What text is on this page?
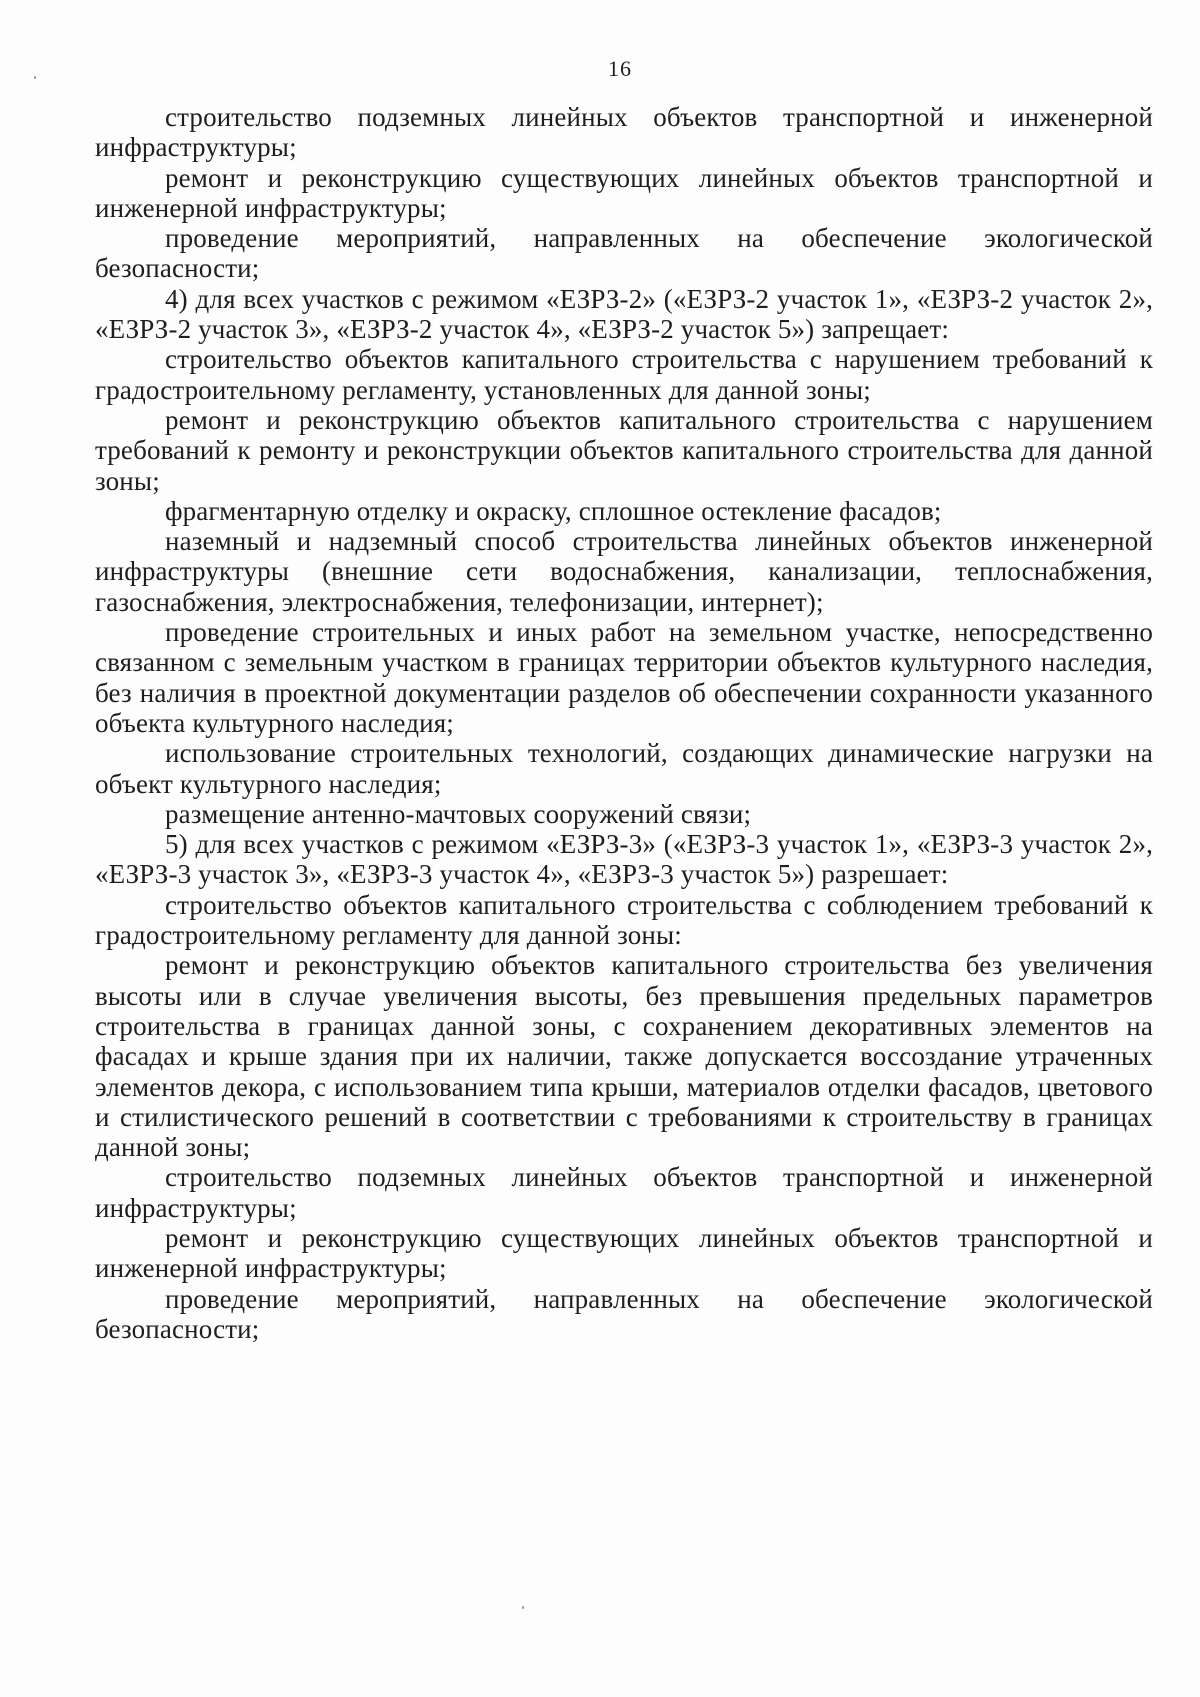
16

строительство подземных линейных объектов транспортной и инженерной инфраструктуры;

ремонт и реконструкцию существующих линейных объектов транспортной и инженерной инфраструктуры;

проведение мероприятий, направленных на обеспечение экологической безопасности;

4) для всех участков с режимом «ЕЗРЗ-2» («ЕЗРЗ-2 участок 1», «ЕЗРЗ-2 участок 2», «ЕЗРЗ-2 участок 3», «ЕЗРЗ-2 участок 4», «ЕЗРЗ-2 участок 5») запрещает:

строительство объектов капитального строительства с нарушением требований к градостроительному регламенту, установленных для данной зоны;

ремонт и реконструкцию объектов капитального строительства с нарушением требований к ремонту и реконструкции объектов капитального строительства для данной зоны;

фрагментарную отделку и окраску, сплошное остекление фасадов;

наземный и надземный способ строительства линейных объектов инженерной инфраструктуры (внешние сети водоснабжения, канализации, теплоснабжения, газоснабжения, электроснабжения, телефонизации, интернет);

проведение строительных и иных работ на земельном участке, непосредственно связанном с земельным участком в границах территории объектов культурного наследия, без наличия в проектной документации разделов об обеспечении сохранности указанного объекта культурного наследия;

использование строительных технологий, создающих динамические нагрузки на объект культурного наследия;

размещение антенно-мачтовых сооружений связи;

5) для всех участков с режимом «ЕЗРЗ-3» («ЕЗРЗ-3 участок 1», «ЕЗРЗ-3 участок 2», «ЕЗРЗ-3 участок 3», «ЕЗРЗ-3 участок 4», «ЕЗРЗ-3 участок 5») разрешает:

строительство объектов капитального строительства с соблюдением требований к градостроительному регламенту для данной зоны:

ремонт и реконструкцию объектов капитального строительства без увеличения высоты или в случае увеличения высоты, без превышения предельных параметров строительства в границах данной зоны, с сохранением декоративных элементов на фасадах и крыше здания при их наличии, также допускается воссоздание утраченных элементов декора, с использованием типа крыши, материалов отделки фасадов, цветового и стилистического решений в соответствии с требованиями к строительству в границах данной зоны;

строительство подземных линейных объектов транспортной и инженерной инфраструктуры;

ремонт и реконструкцию существующих линейных объектов транспортной и инженерной инфраструктуры;

проведение мероприятий, направленных на обеспечение экологической безопасности;
